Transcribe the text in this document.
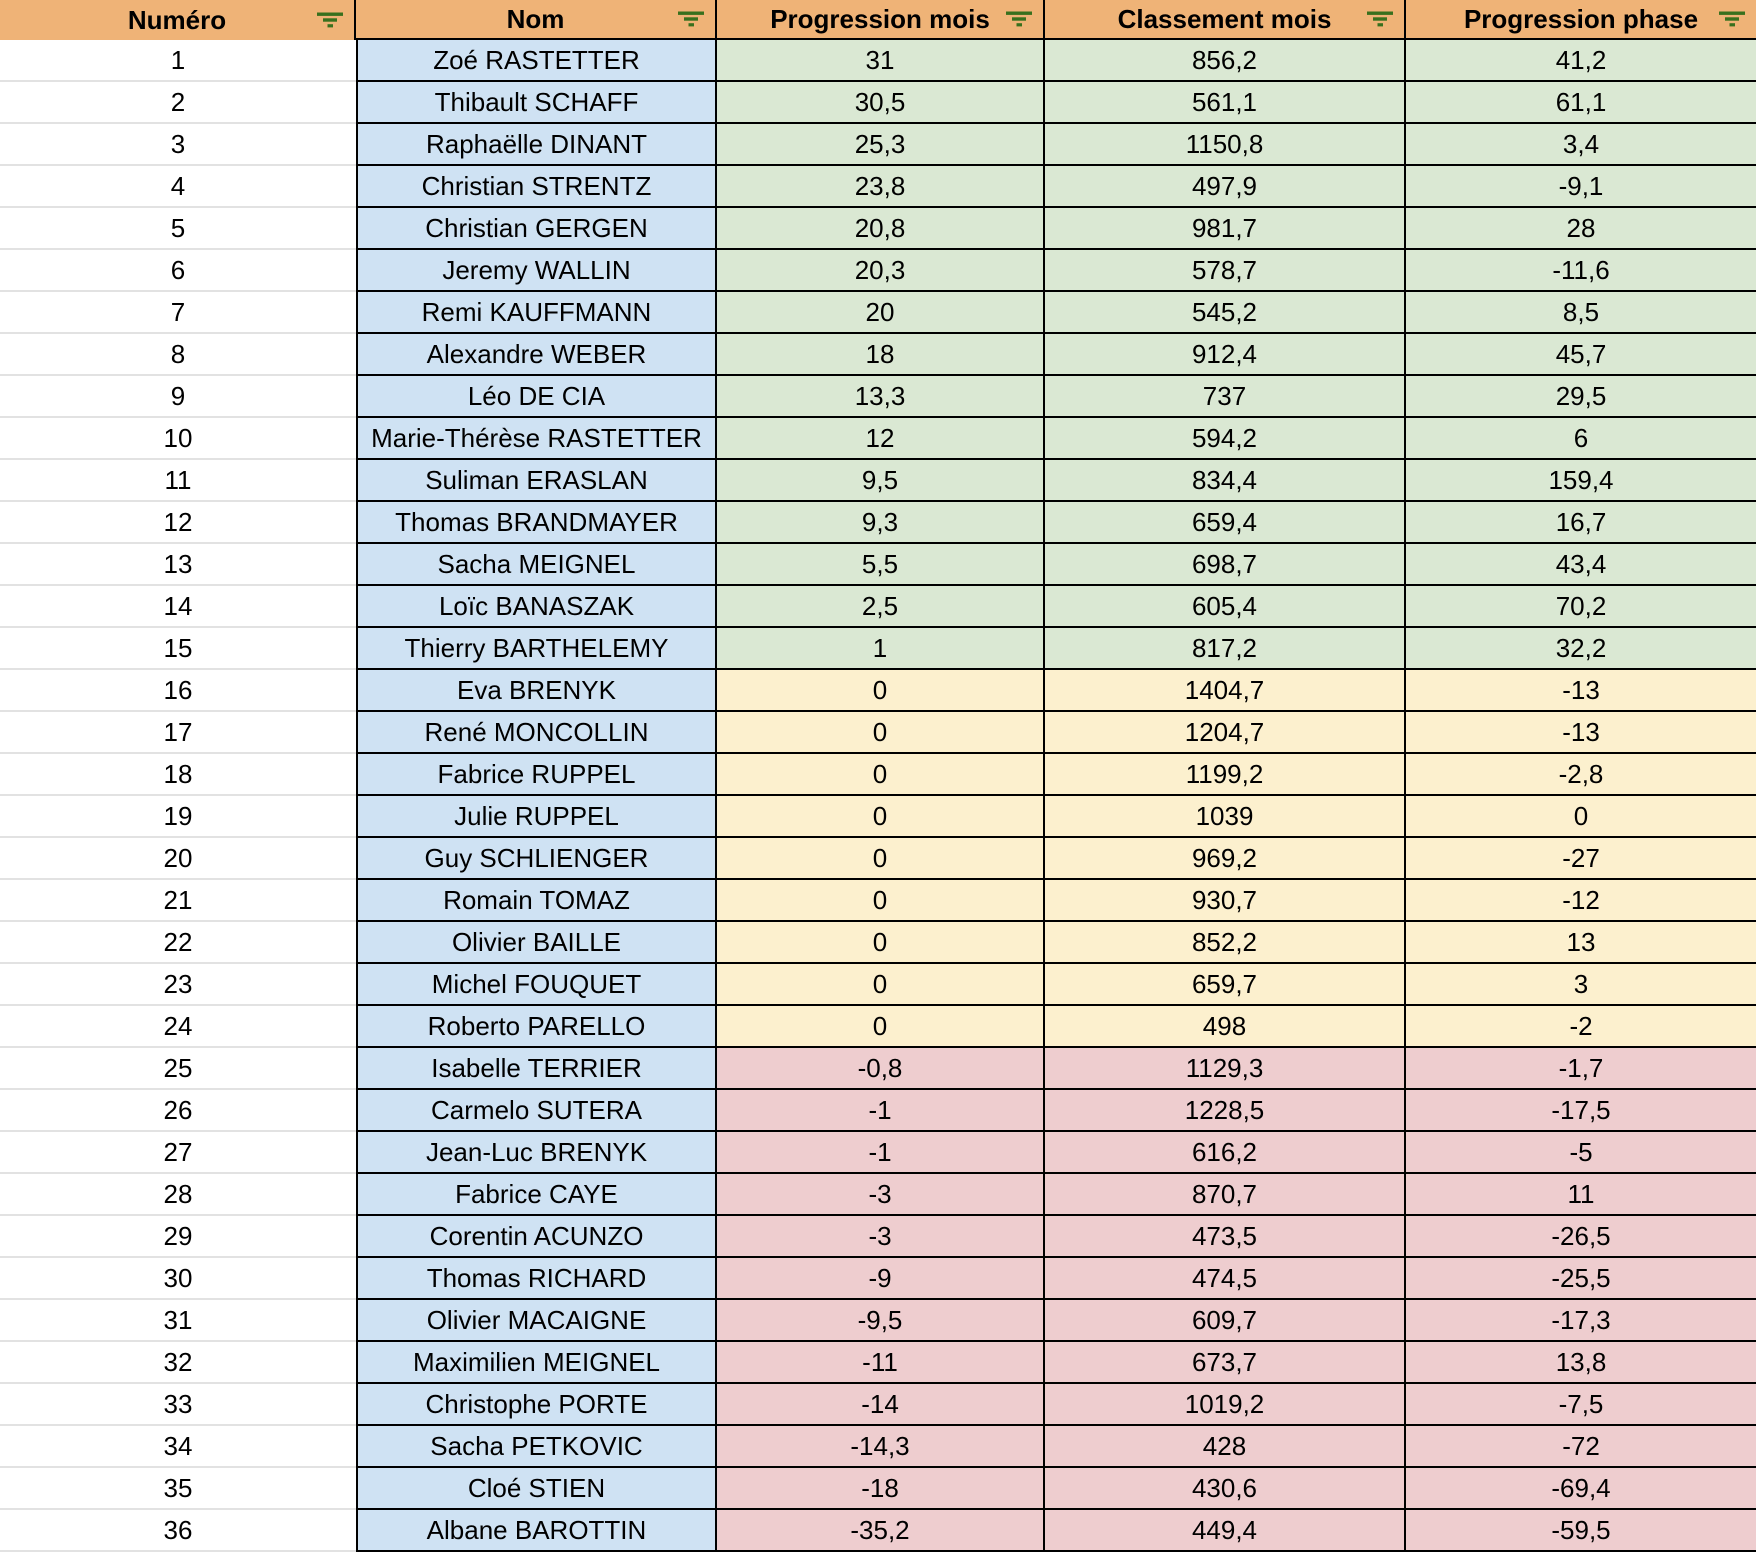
Numéro	Nom	Progression mois	Classement mois	Progression phase
1	Zoé RASTETTER	31	856,2	41,2
2	Thibault SCHAFF	30,5	561,1	61,1
3	Raphaëlle DINANT	25,3	1150,8	3,4
4	Christian STRENTZ	23,8	497,9	-9,1
5	Christian GERGEN	20,8	981,7	28
6	Jeremy WALLIN	20,3	578,7	-11,6
7	Remi KAUFFMANN	20	545,2	8,5
8	Alexandre WEBER	18	912,4	45,7
9	Léo DE CIA	13,3	737	29,5
10	Marie-Thérèse RASTETTER	12	594,2	6
11	Suliman ERASLAN	9,5	834,4	159,4
12	Thomas BRANDMAYER	9,3	659,4	16,7
13	Sacha MEIGNEL	5,5	698,7	43,4
14	Loïc BANASZAK	2,5	605,4	70,2
15	Thierry BARTHELEMY	1	817,2	32,2
16	Eva BRENYK	0	1404,7	-13
17	René MONCOLLIN	0	1204,7	-13
18	Fabrice RUPPEL	0	1199,2	-2,8
19	Julie RUPPEL	0	1039	0
20	Guy SCHLIENGER	0	969,2	-27
21	Romain TOMAZ	0	930,7	-12
22	Olivier BAILLE	0	852,2	13
23	Michel FOUQUET	0	659,7	3
24	Roberto PARELLO	0	498	-2
25	Isabelle TERRIER	-0,8	1129,3	-1,7
26	Carmelo SUTERA	-1	1228,5	-17,5
27	Jean-Luc BRENYK	-1	616,2	-5
28	Fabrice CAYE	-3	870,7	11
29	Corentin ACUNZO	-3	473,5	-26,5
30	Thomas RICHARD	-9	474,5	-25,5
31	Olivier MACAIGNE	-9,5	609,7	-17,3
32	Maximilien MEIGNEL	-11	673,7	13,8
33	Christophe PORTE	-14	1019,2	-7,5
34	Sacha PETKOVIC	-14,3	428	-72
35	Cloé STIEN	-18	430,6	-69,4
36	Albane BAROTTIN	-35,2	449,4	-59,5
